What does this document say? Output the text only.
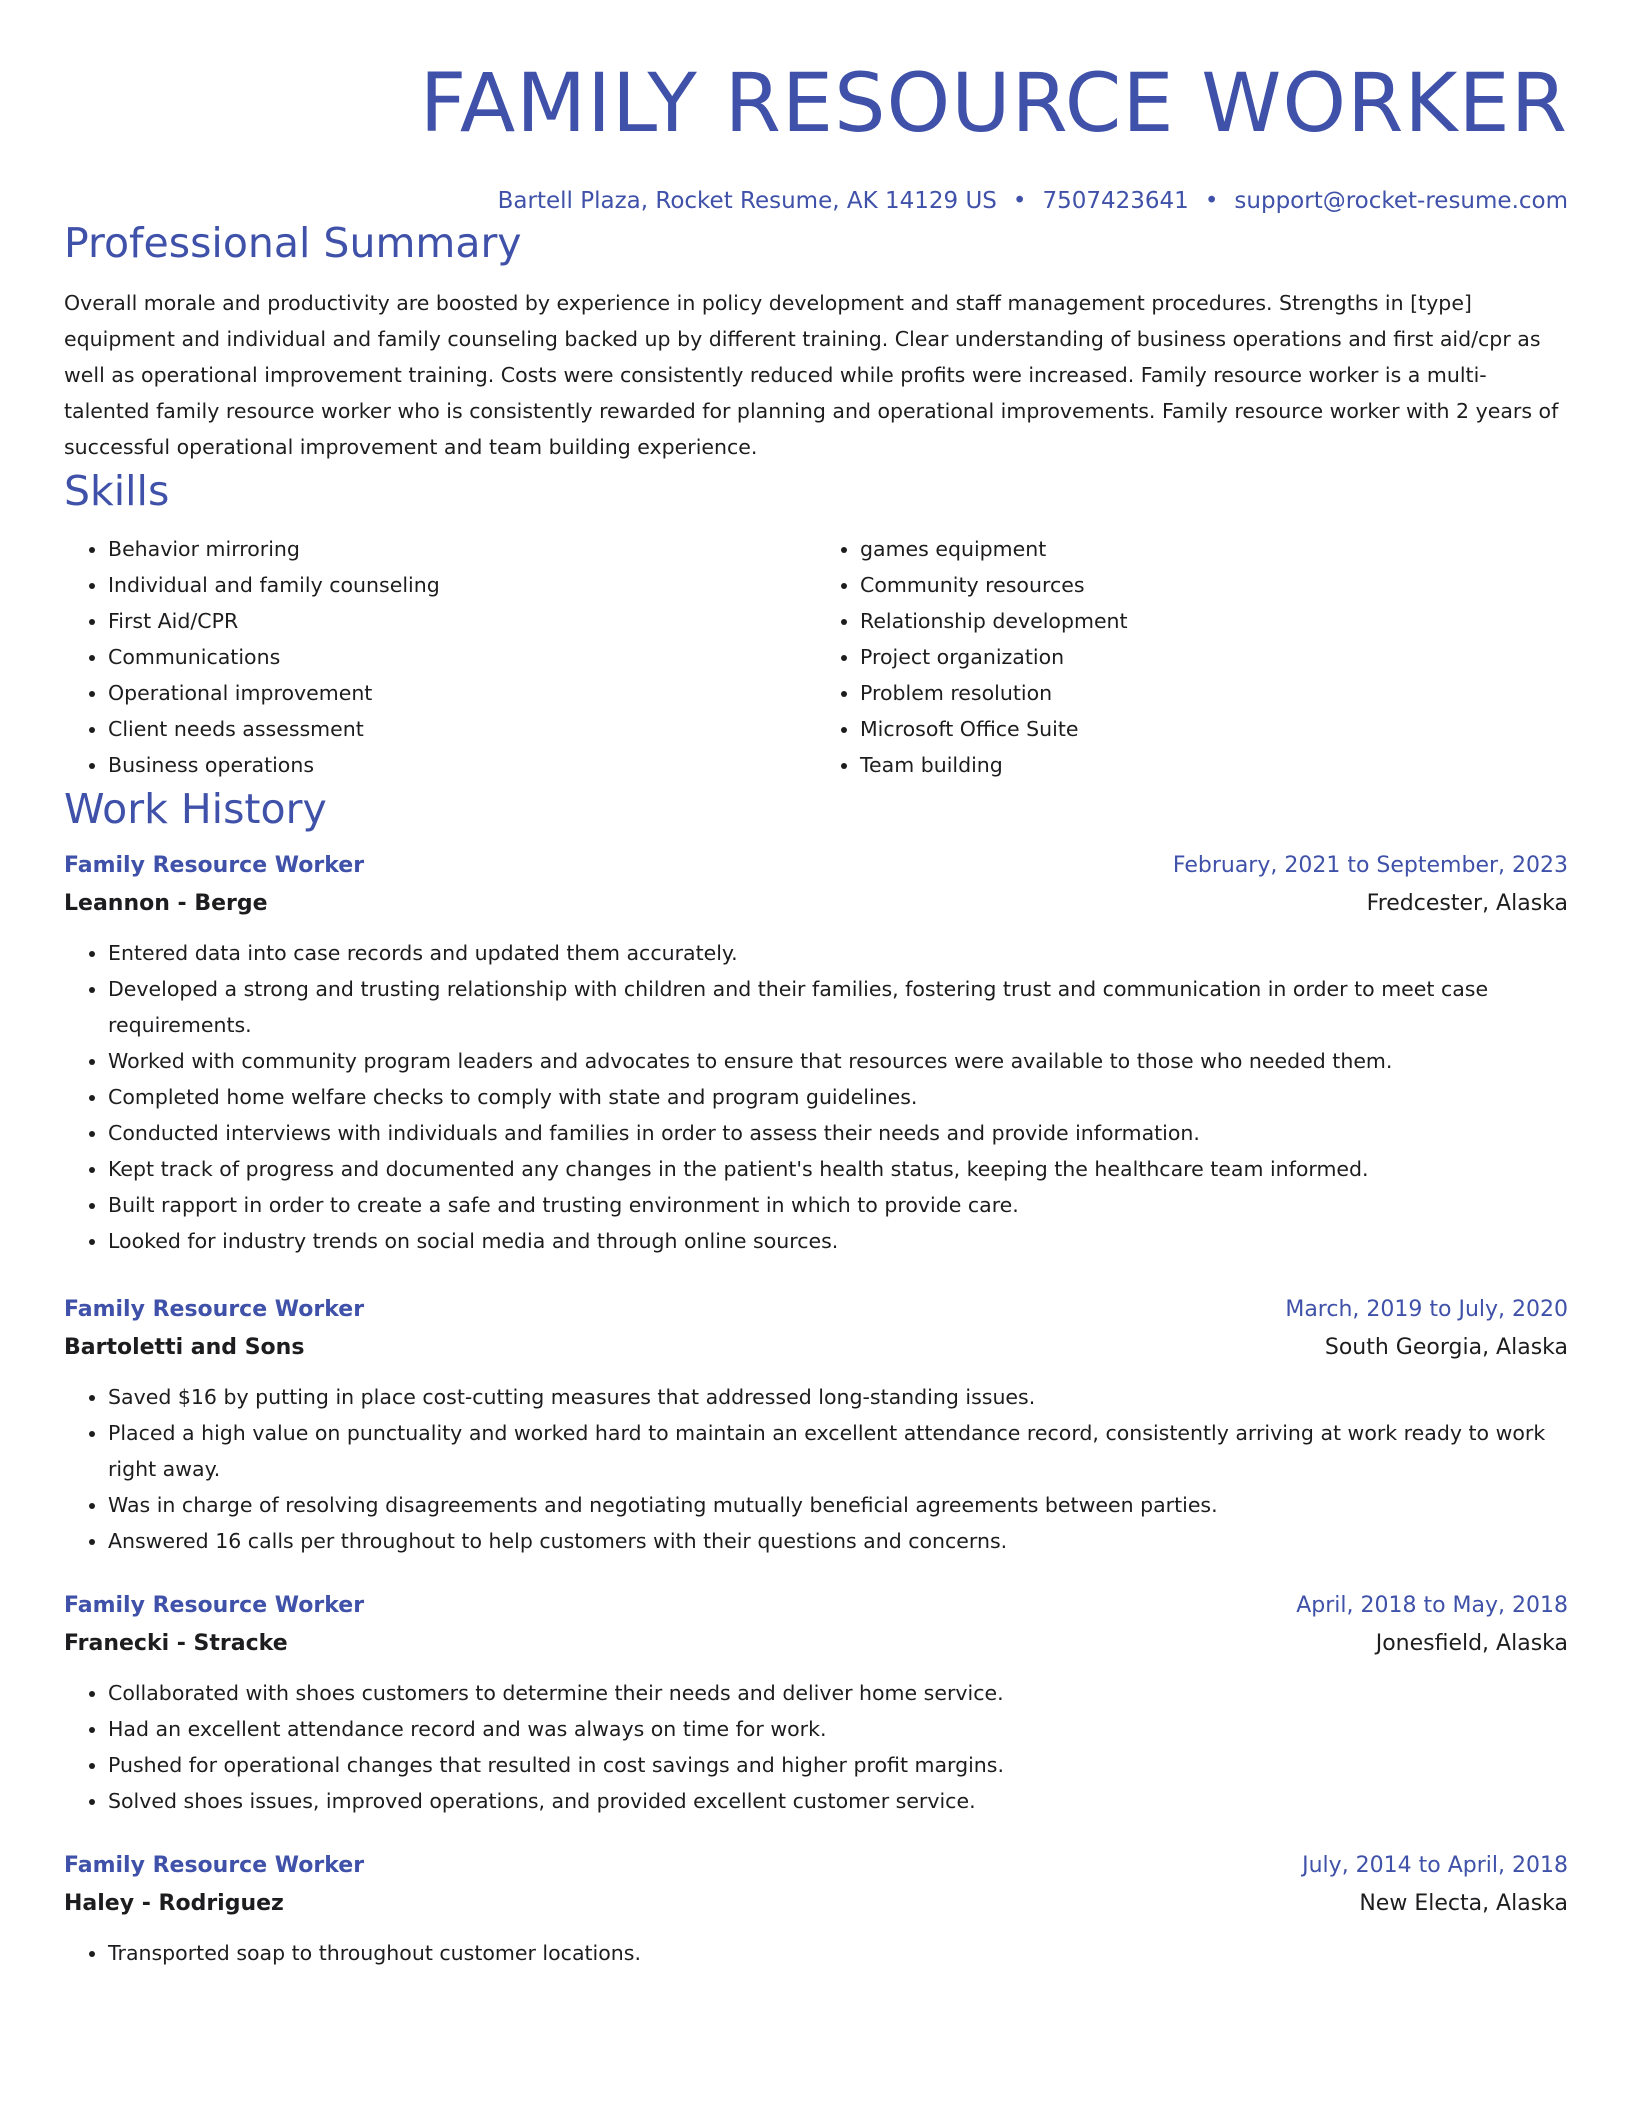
FAMILY RESOURCE WORKER
Bartell Plaza, Rocket Resume, AK 14129 US • 7507423641 • support@rocket-resume.com
Professional Summary

Overall morale and productivity are boosted by experience in policy development and staff management procedures. Strengths in [type] equipment and individual and family counseling backed up by different training. Clear understanding of business operations and first aid/cpr as well as operational improvement training. Costs were consistently reduced while profits were increased. Family resource worker is a multi-talented family resource worker who is consistently rewarded for planning and operational improvements. Family resource worker with 2 years of successful operational improvement and team building experience.

Skills
• Behavior mirroring
• Individual and family counseling
• First Aid/CPR
• Communications
• Operational improvement
• Client needs assessment
• Business operations
• games equipment
• Community resources
• Relationship development
• Project organization
• Problem resolution
• Microsoft Office Suite
• Team building
Work History
Family Resource Worker	February, 2021 to September, 2023
Leannon - Berge	Fredcester, Alaska
• Entered data into case records and updated them accurately.
• Developed a strong and trusting relationship with children and their families, fostering trust and communication in order to meet case requirements.
• Worked with community program leaders and advocates to ensure that resources were available to those who needed them.
• Completed home welfare checks to comply with state and program guidelines.
• Conducted interviews with individuals and families in order to assess their needs and provide information.
• Kept track of progress and documented any changes in the patient's health status, keeping the healthcare team informed.
• Built rapport in order to create a safe and trusting environment in which to provide care.
• Looked for industry trends on social media and through online sources.
Family Resource Worker	March, 2019 to July, 2020
Bartoletti and Sons	South Georgia, Alaska
• Saved $16 by putting in place cost-cutting measures that addressed long-standing issues.
• Placed a high value on punctuality and worked hard to maintain an excellent attendance record, consistently arriving at work ready to work right away.
• Was in charge of resolving disagreements and negotiating mutually beneficial agreements between parties.
• Answered 16 calls per throughout to help customers with their questions and concerns.
Family Resource Worker	April, 2018 to May, 2018
Franecki - Stracke	Jonesfield, Alaska
• Collaborated with shoes customers to determine their needs and deliver home service.
• Had an excellent attendance record and was always on time for work.
• Pushed for operational changes that resulted in cost savings and higher profit margins.
• Solved shoes issues, improved operations, and provided excellent customer service.
Family Resource Worker	July, 2014 to April, 2018
Haley - Rodriguez	New Electa, Alaska
• Transported soap to throughout customer locations.
